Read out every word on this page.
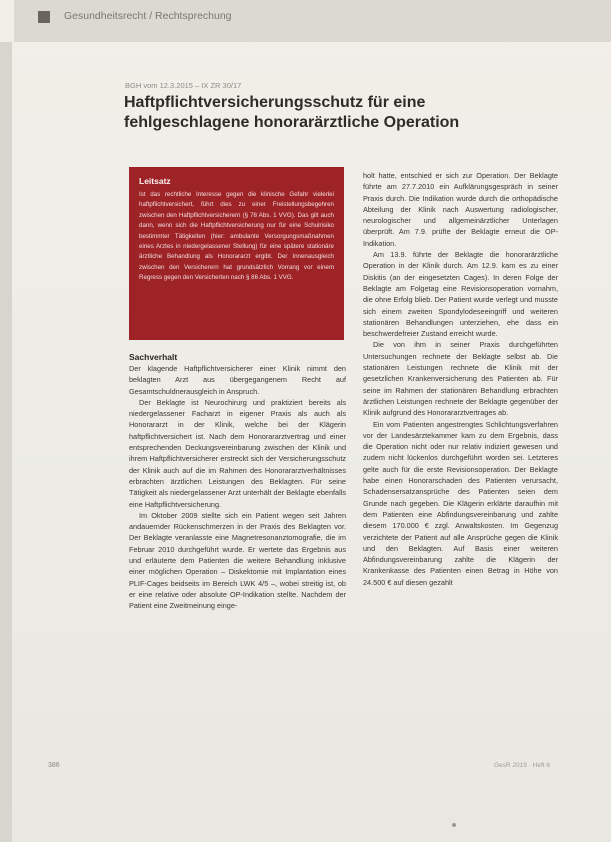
Gesundheitsrecht / Rechtsprechung
BGH vom 12.3.2015 – IX ZR 30/17
Haftpflichtversicherungsschutz für eine fehlgeschlagene honorarärztliche Operation
Leitsatz

Ist das rechtliche Interesse gegen die klinische Gefahr vielerlei haftpflichtversichert, führt dies zu einer Freistellungsbegehren zwischen den Haftpflichtversicherern (§ 78 Abs. 1 VVG). Das gilt auch dann, wenn sich die Haftpflichtversicherung nur für eine Schulrisiko bestimmter Tätigkeiten (hier: ambulante Versorgungsmaßnahmen eines Arztes in niedergelassener Stellung) für eine spätere stationäre ärztliche Behandlung als Honorararzt ergibt. Der Innenausgleich zwischen den Versicherern hat grundsätzlich Vorrang vor einem Regress gegen den Versicherten nach § 86 Abs. 1 VVG.

Sachverhalt

Der klagende Haftpflichtversicherer einer Klinik nimmt den beklagten Arzt aus übergegangenem Recht auf Gesamtschuldnerausgleich in Anspruch.

Der Beklagte ist Neurochirurg und praktiziert bereits als niedergelassener Facharzt in eigener Praxis als auch als Honorararzt in der Klinik, welche bei der Klägerin haftpflichtversichert ist. Nach dem Honorararztvertrag und einer entsprechenden Deckungsvereinbarung zwischen der Klinik und ihrem Haftpflichtversicherer erstreckt sich der Versicherungsschutz der Klinik auch auf die im Rahmen des Honorararztverhältnisses erbrachten ärztlichen Leistungen des Beklagten. Für seine Tätigkeit als niedergelassener Arzt unterhält der Beklagte ebenfalls eine Haftpflichtversicherung.

Im Oktober 2009 stellte sich ein Patient wegen seit Jahren andauernder Rückenschmerzen in der Praxis des Beklagten vor. Der Beklagte veranlasste eine Magnetresonanztomografie, die im Februar 2010 durchgeführt wurde. Er wertete das Ergebnis aus und erläuterte dem Patienten die weitere Behandlung inklusive einer möglichen Operation – Diskektomie mit Implantation eines PLIF-Cages beidseits im Bereich LWK 4/5 –, wobei streitig ist, ob er eine relative oder absolute OP-Indikation stellte. Nachdem der Patient eine Zweitmeinung einge-

holt hatte, entschied er sich zur Operation. Der Beklagte führte am 27.7.2010 ein Aufklärungsgespräch in seiner Praxis durch. Die Indikation wurde durch die orthopädische Abteilung der Klinik nach Auswertung radiologischer, neurologischer und allgemeinärztlicher Unterlagen überprüft. Am 7.9. prüfte der Beklagte erneut die OP-Indikation.

Am 13.9. führte der Beklagte die honorarärztliche Operation in der Klinik durch. Am 12.9. kam es zu einer Diskitis (an der eingesetzten Cages). In deren Folge der Beklagte am Folgetag eine Revisionsoperation vornahm, die ohne Erfolg blieb. Der Patient wurde verlegt und musste sich einem zweiten Spondylodeseeingriff und weiteren stationären Behandlungen unterziehen, ehe dass ein beschwerdefreier Zustand erreicht wurde.

Die von ihm in seiner Praxis durchgeführten Untersuchungen rechnete der Beklagte selbst ab. Die stationären Leistungen rechnete die Klinik mit der gesetzlichen Krankenversicherung des Patienten ab. Für seine im Rahmen der stationären Behandlung erbrachten ärztlichen Leistungen rechnete der Beklagte gegenüber der Klinik aufgrund des Honorararztvertrages ab.

Ein vom Patienten angestrengtes Schlichtungsverfahren vor der Landesärztekammer kam zu dem Ergebnis, dass die Operation nicht oder nur relativ indiziert gewesen und zudem nicht lückenlos durchgeführt worden sei. Letzteres gelte auch für die erste Revisionsoperation. Der Beklagte habe einen Honorarschaden des Patienten verursacht, Schadensersatzansprüche des Patienten seien dem Grunde nach gegeben. Die Klägerin erklärte daraufhin mit dem Patienten eine Abfindungsvereinbarung und zahlte diesem 170.000 € zzgl. Anwaltskosten. Im Gegenzug verzichtete der Patient auf alle Ansprüche gegen die Klinik und den Beklagten. Auf Basis einer weiteren Abfindungsvereinbarung zahlte die Klägerin der Krankenkasse des Patienten einen Betrag in Höhe von 24.500 € auf diesen gezahlt

386	GesR 2019 · Heft 6
